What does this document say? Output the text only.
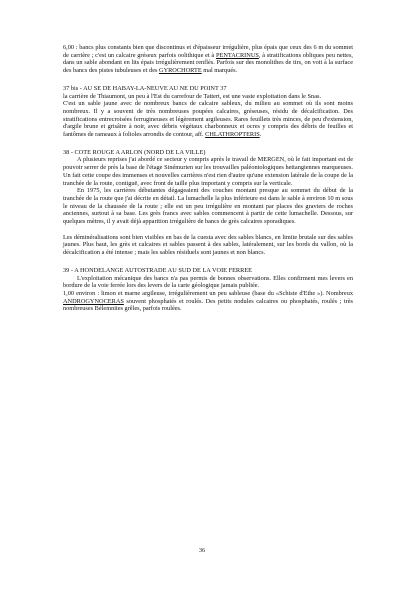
6,00 : bancs plus constants bien que discontinus et d'épaisseur irrégulière, plus épais que ceux des 6 m du sommet de carrière ; c'est un calcaire gréseux parfois oolithique et à PENTACRINUS, à stratifications obliques peu nettes, dans un sable abondant en lits épais irrégulièrement renflés. Parfois sur des monolithes de tirs, on voit à la surface des bancs des pistes tubuleuses et des GYROCHORTE mal marqués.

37 bis - AU SE DE HABAY-LA-NEUVE AU NE DU POINT 37

la carrière de Thiaumont, un peu à l'Est du carrefour de Tattert, est une vaste exploitation dans le Snas.

C'est un sable jaune avec de nombreux bancs de calcaire sableux, du milieu au sommet où ils sont moins nombreux. Il y a souvent de très nombreuses poupées calcaires, gréseuses, résidu de décalcification. Des stratifications entrecroisées ferrugineuses et légèrement argileuses. Rares feuillets très minces, de peu d'extension, d'argile brune et grisâtre à noir, avec débris végétaux charbonneux et ocres y compris des débris de feuilles et fantômes de rameaux à folioles arrondis de contour, aff. CHLATHROPTERIS.

38 - COTE ROUGE A ARLON (NORD DE LA VILLE)

A plusieurs reprises j'ai abordé ce secteur y compris après le travail de MERGEN, où le fait important est de pouvoir serrer de près la base de l'étage Sinémurien sur les trouvailles paléontologiques hettangiennes marqueuses. Un fait cette coupe des immenses et nouvelles carrières n'est rien d'autre qu'une extension latérale de la coupe de la tranchée de la route, contiguë, avec front de taille plus important y compris sur la verticale.

En 1975, les carrières débutantes dégageaient des couches montant presque au sommet du début de la tranchée de la route que j'ai décrite en détail. La lumachelle la plus inférieure est dans le sable à environ 10 m sous le niveau de la chaussée de la route ; elle est un peu irrégulière en montant par places des graviers de roches anciennes, surtout à sa base. Les grès francs avec sables commencent à partir de cette lumachelle. Dessous, sur quelques mètres, il y avait déjà apparition irrégulière de bancs de grès calcaires sporadiques.

Les déminéralisations sont bien visibles en bas de la cuesta avec des sables blancs, en limite brutale sur des sables jaunes. Plus haut, les grès et calcaires et sables passent à des sables, latéralement, sur les bords du vallon, où la décalcification a été intense ; mais les sables résiduels sont jaunes et non blancs.

39 - A HONDELANGE AUTOSTRADE AU SUD DE LA VOIE FERREE

L'exploitation mécanique des bancs n'a pas permis de bonnes observations. Elles confirment mes levers en bordure de la voie ferrée lors des levers de la carte géologique jamais publiée.

1,00 environ : limon et marne argileuse, irrégulièrement un peu sableuse (base du «Schiste d'Ethe »). Nombreux ANDROGYNOCERAS souvent phosphatés et roulés. Des petits nodules calcaires ou phosphatés, roulés ; très nombreuses Bélemnites grêles, parfois roulées.

36
